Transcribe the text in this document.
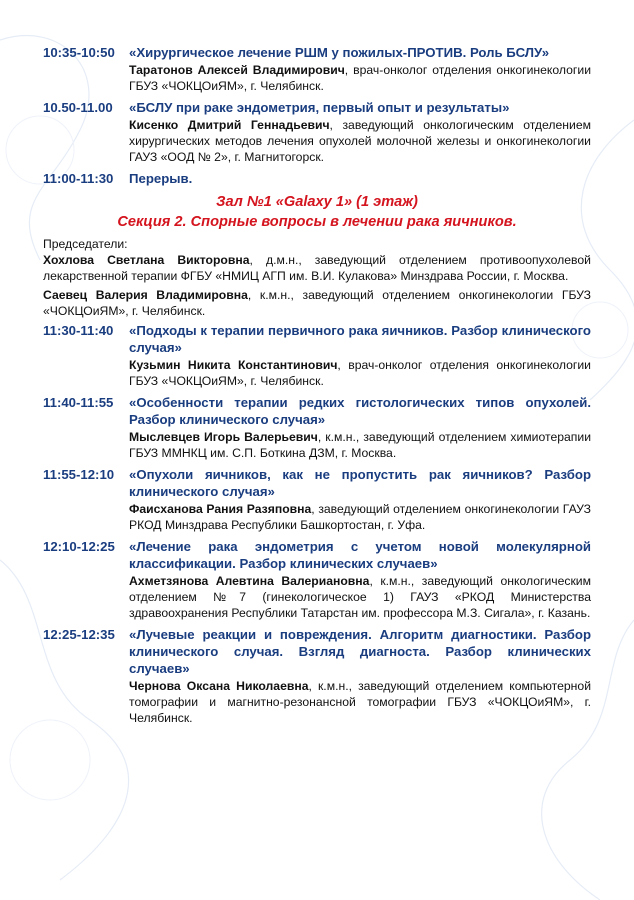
10:35-10:50	«Хирургическое лечение РШМ у пожилых-ПРОТИВ. Роль БСЛУ»
Таратонов Алексей Владимирович, врач-онколог отделения онкогинекологии ГБУЗ «ЧОКЦОиЯМ», г. Челябинск.
10.50-11.00	«БСЛУ при раке эндометрия, первый опыт и результаты»
Кисенко Дмитрий Геннадьевич, заведующий онкологическим отделением хирургических методов лечения опухолей молочной железы и онкогинекологии ГАУЗ «ООД № 2», г. Магнитогорск.
11:00-11:30	Перерыв.
Зал №1 «Galaxy 1» (1 этаж)
Секция 2. Спорные вопросы в лечении рака яичников.
Председатели:
Хохлова Светлана Викторовна, д.м.н., заведующий отделением противоопухолевой лекарственной терапии ФГБУ «НМИЦ АГП им. В.И. Кулакова» Минздрава России, г. Москва.
Саевец Валерия Владимировна, к.м.н., заведующий отделением онкогинекологии ГБУЗ «ЧОКЦОиЯМ», г. Челябинск.
11:30-11:40	«Подходы к терапии первичного рака яичников. Разбор клинического случая»
Кузьмин Никита Константинович, врач-онколог отделения онкогинекологии ГБУЗ «ЧОКЦОиЯМ», г. Челябинск.
11:40-11:55	«Особенности терапии редких гистологических типов опухолей. Разбор клинического случая»
Мыслевцев Игорь Валерьевич, к.м.н., заведующий отделением химиотерапии ГБУЗ ММНКЦ им. С.П. Боткина ДЗМ, г. Москва.
11:55-12:10	«Опухоли яичников, как не пропустить рак яичников? Разбор клинического случая»
Фаисханова Рания Разяповна, заведующий отделением онкогинекологии ГАУЗ РКОД Минздрава Республики Башкортостан, г. Уфа.
12:10-12:25	«Лечение рака эндометрия с учетом новой молекулярной классификации. Разбор клинических случаев»
Ахметзянова Алевтина Валериановна, к.м.н., заведующий онкологическим отделением №7 (гинекологическое 1) ГАУЗ «РКОД Министерства здравоохранения Республики Татарстан им. профессора М.З. Сигала», г. Казань.
12:25-12:35	«Лучевые реакции и повреждения. Алгоритм диагностики. Разбор клинического случая. Взгляд диагноста. Разбор клинических случаев»
Чернова Оксана Николаевна, к.м.н., заведующий отделением компьютерной томографии и магнитно-резонансной томографии ГБУЗ «ЧОКЦОиЯМ», г. Челябинск.
